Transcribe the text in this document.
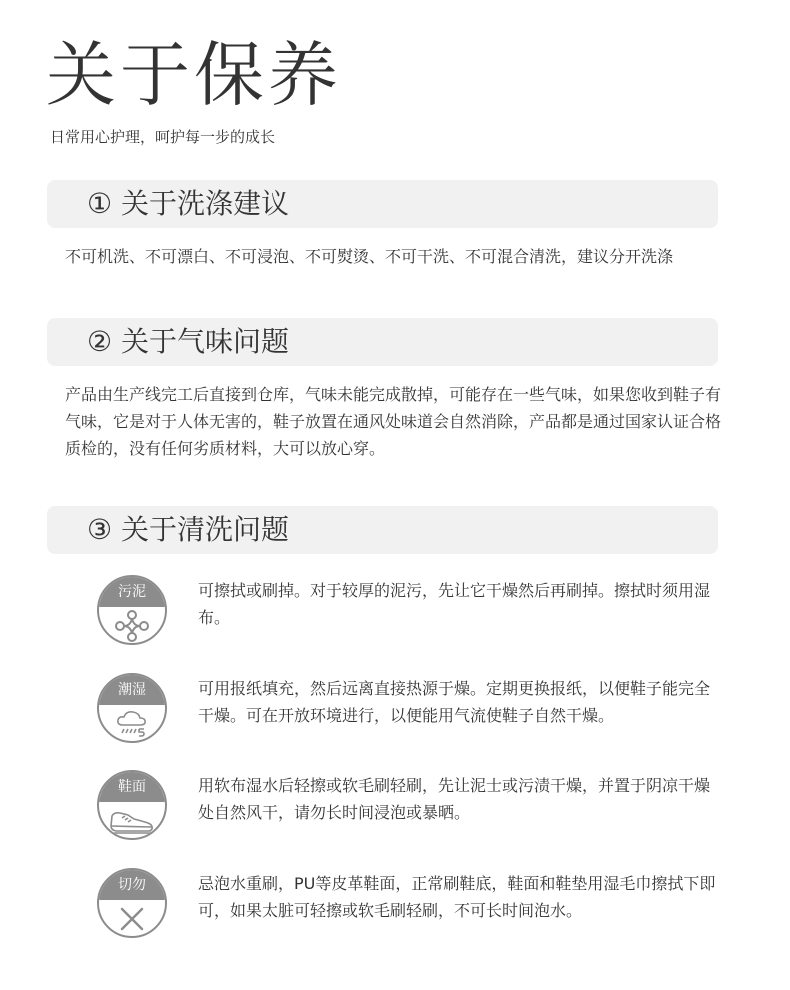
关于保养
日常用心护理，呵护每一步的成长
① 关于洗涤建议
不可机洗、不可漂白、不可浸泡、不可熨烫、不可干洗、不可混合清洗，建议分开洗涤
② 关于气味问题
产品由生产线完工后直接到仓库，气味未能完成散掉，可能存在一些气味，如果您收到鞋子有气味，它是对于人体无害的，鞋子放置在通风处味道会自然消除，产品都是通过国家认证合格质检的，没有任何劣质材料，大可以放心穿。
③ 关于清洗问题
污泥	可擦拭或刷掉。对于较厚的泥污，先让它干燥然后再刷掉。擦拭时须用湿布。
潮湿	可用报纸填充，然后远离直接热源于燥。定期更换报纸，以便鞋子能完全干燥。可在开放环境进行，以便能用气流使鞋子自然干燥。
鞋面	用软布湿水后轻擦或软毛刷轻刷，先让泥士或污渍干燥，并置于阴凉干燥处自然风干，请勿长时间浸泡或暴晒。
切勿	忌泡水重刷，PU等皮革鞋面，正常刷鞋底，鞋面和鞋垫用湿毛巾擦拭下即可，如果太脏可轻擦或软毛刷轻刷，不可长时间泡水。
